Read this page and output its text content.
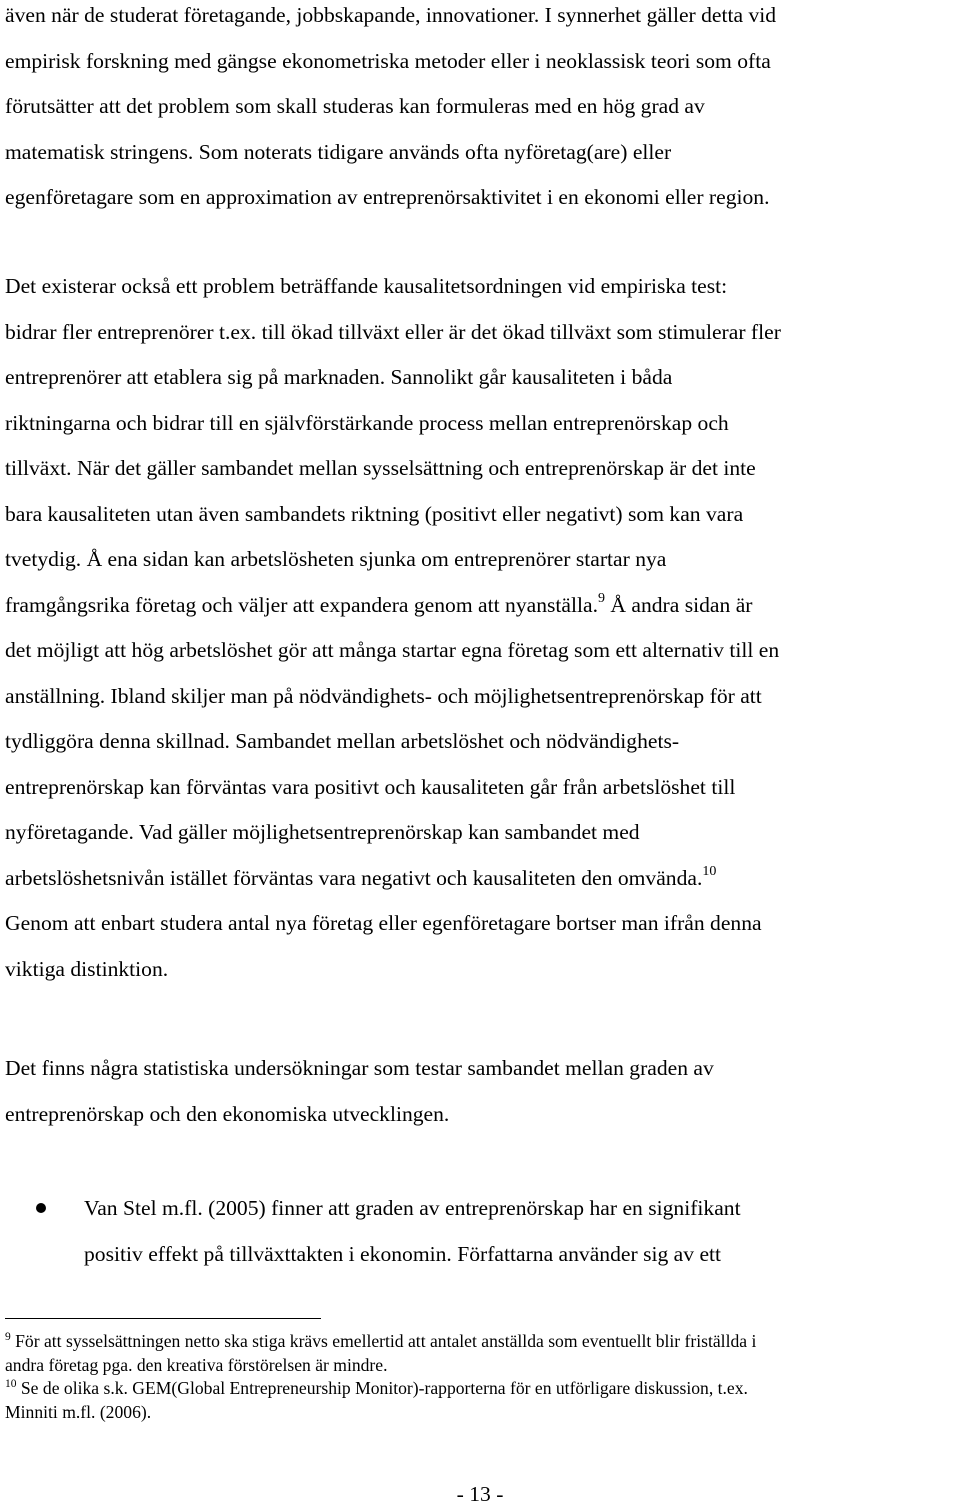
även när de studerat företagande, jobbskapande, innovationer. I synnerhet gäller detta vid
empirisk forskning med gängse ekonometriska metoder eller i neoklassisk teori som ofta
förutsätter att det problem som skall studeras kan formuleras med en hög grad av
matematisk stringens. Som noterats tidigare används ofta nyföretag(are) eller
egenföretagare som en approximation av entreprenörsaktivitet i en ekonomi eller region.
Det existerar också ett problem beträffande kausalitetsordningen vid empiriska test:
bidrar fler entreprenörer t.ex. till ökad tillväxt eller är det ökad tillväxt som stimulerar fler
entreprenörer att etablera sig på marknaden. Sannolikt går kausaliteten i båda
riktningarna och bidrar till en självförstärkande process mellan entreprenörskap och
tillväxt. När det gäller sambandet mellan sysselsättning och entreprenörskap är det inte
bara kausaliteten utan även sambandets riktning (positivt eller negativt) som kan vara
tvetydig. Å ena sidan kan arbetslösheten sjunka om entreprenörer startar nya
framgångsrika företag och väljer att expandera genom att nyanställa.$^9$ Å andra sidan är
det möjligt att hög arbetslöshet gör att många startar egna företag som ett alternativ till en
anställning. Ibland skiljer man på nödvändighets- och möjlighetsentreprenörskap för att
tydliggöra denna skillnad. Sambandet mellan arbetslöshet och nödvändighets-
entreprenörskap kan förväntas vara positivt och kausaliteten går från arbetslöshet till
nyföretagande. Vad gäller möjlighetsentreprenörskap kan sambandet med
arbetslöshetsnivån istället förväntas vara negativt och kausaliteten den omvända.$^{10}$
Genom att enbart studera antal nya företag eller egenföretagare bortser man ifrån denna
viktiga distinktion.
Det finns några statistiska undersökningar som testar sambandet mellan graden av
entreprenörskap och den ekonomiska utvecklingen.
Van Stel m.fl. (2005) finner att graden av entreprenörskap har en signifikant
positiv effekt på tillväxttakten i ekonomin. Författarna använder sig av ett
$^9$ För att sysselsättningen netto ska stiga krävs emellertid att antalet anställda som eventuellt blir friställda i
andra företag pga. den kreativa förstörelsen är mindre.
$^{10}$ Se de olika s.k. GEM(Global Entrepreneurship Monitor)-rapporterna för en utförligare diskussion, t.ex.
Minniti m.fl. (2006).
- 13 -
